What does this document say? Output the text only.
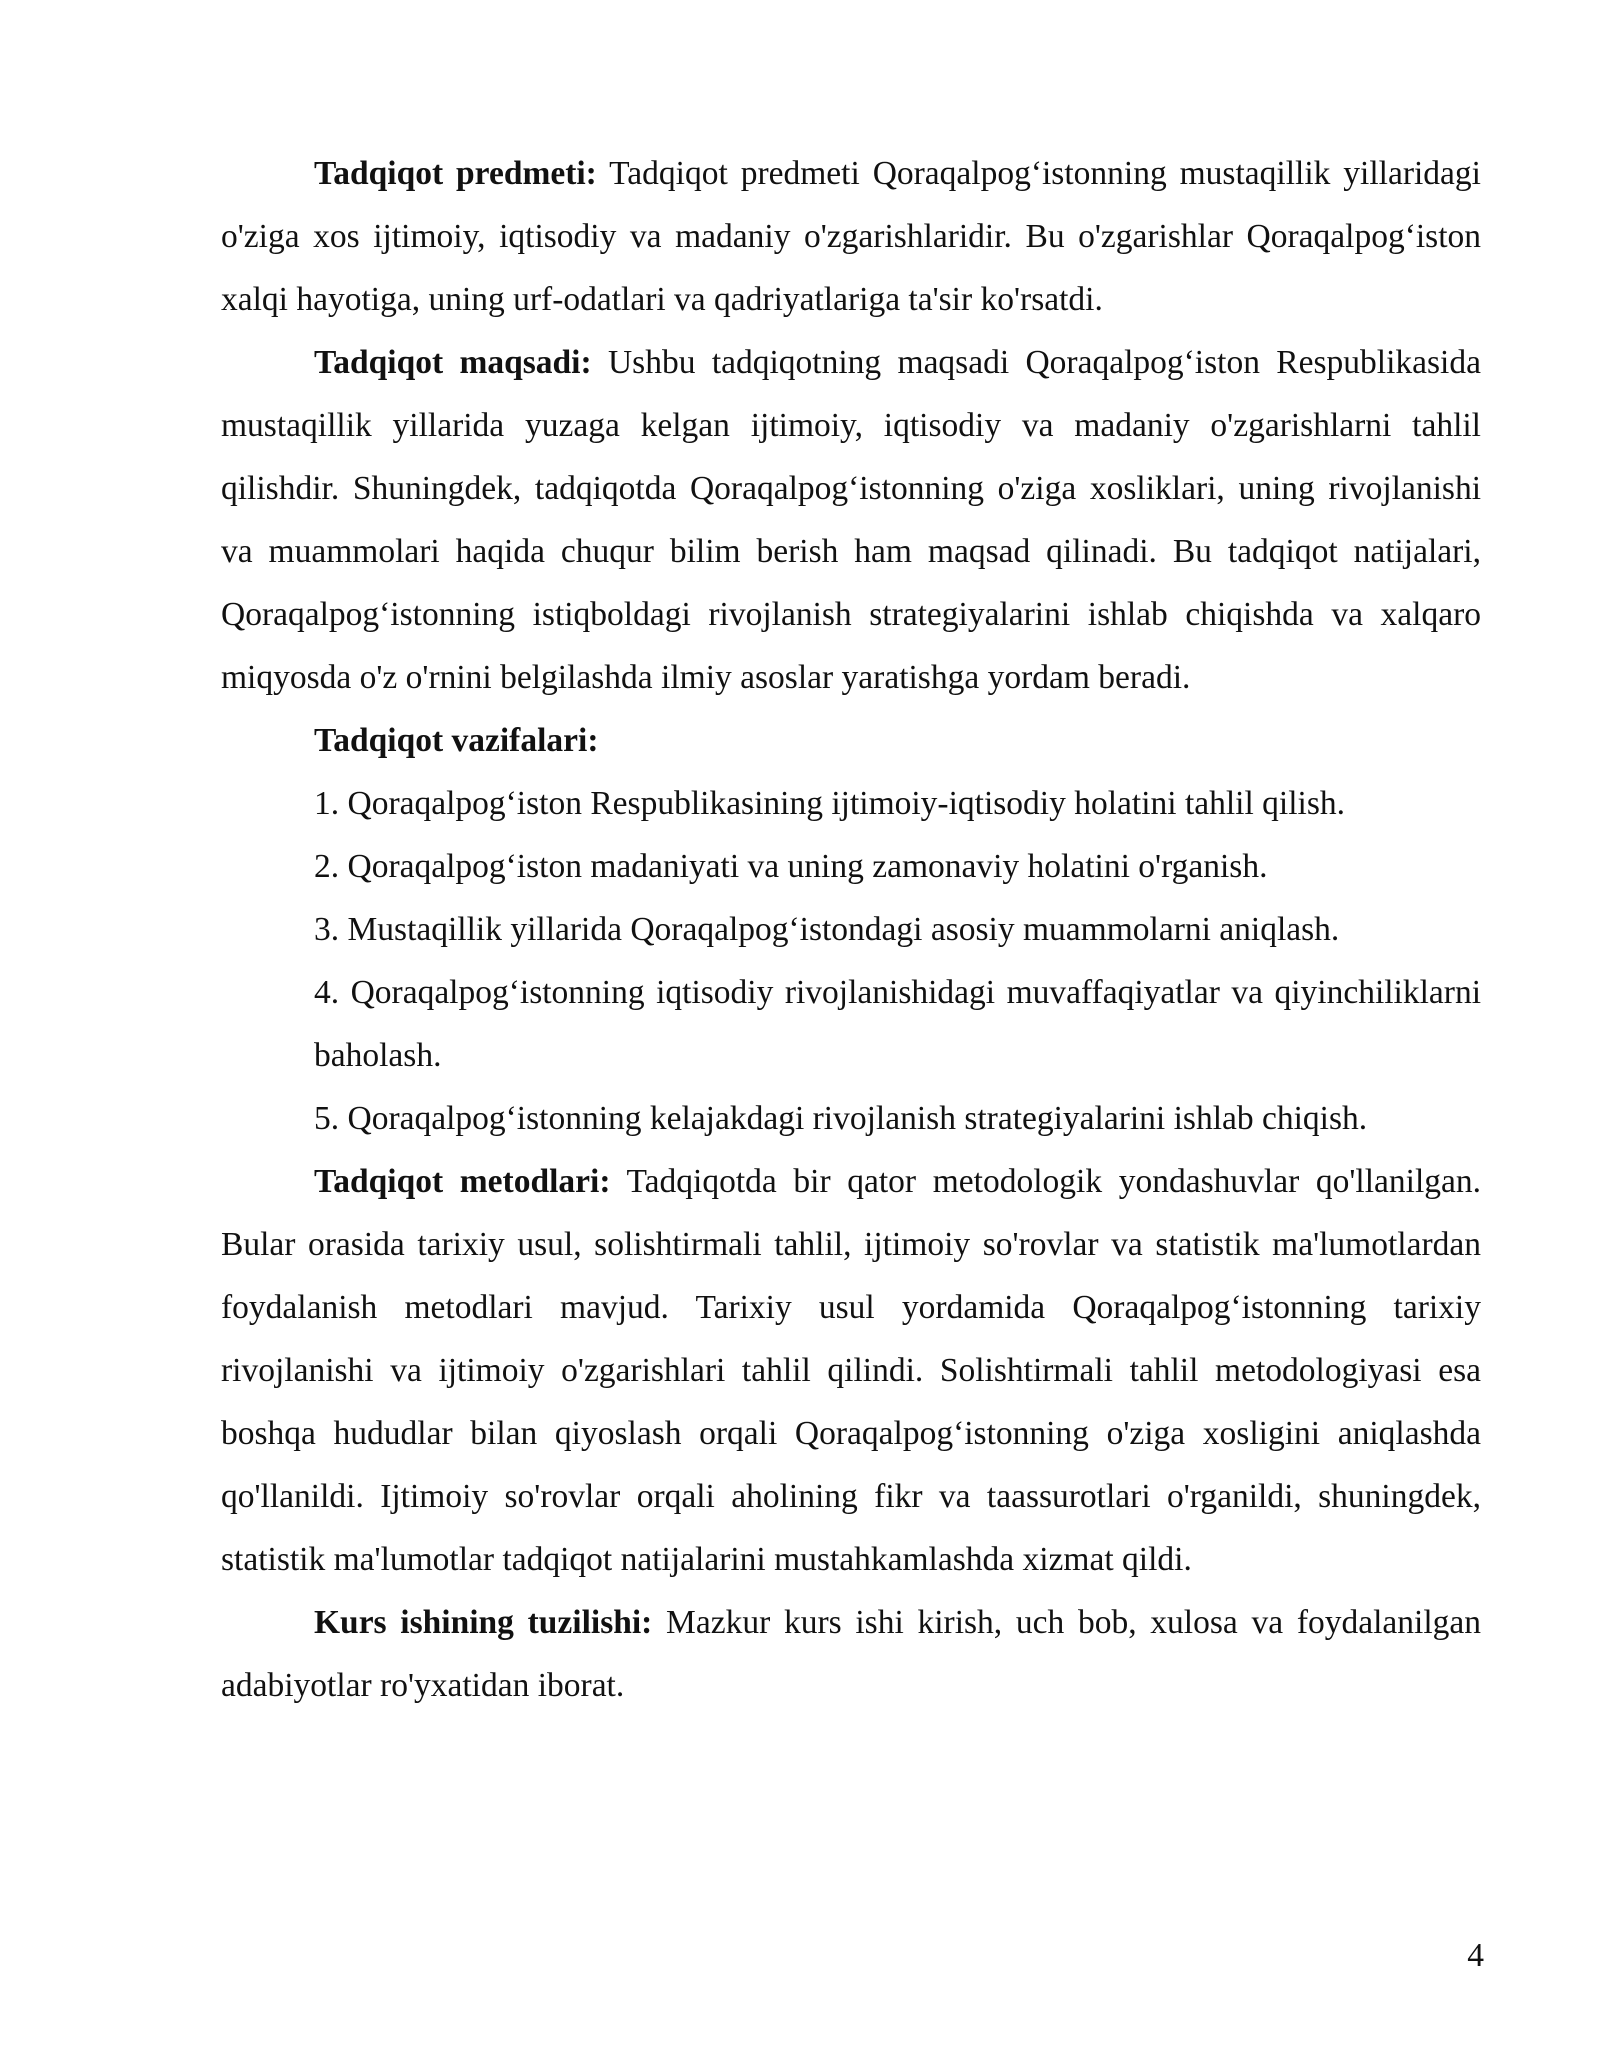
Tadqiqot predmeti: Tadqiqot predmeti Qoraqalpog‘istonning mustaqillik yillaridagi o'ziga xos ijtimoiy, iqtisodiy va madaniy o'zgarishlaridir. Bu o'zgarishlar Qoraqalpog‘iston xalqi hayotiga, uning urf-odatlari va qadriyatlariga ta'sir ko'rsatdi.

Tadqiqot maqsadi: Ushbu tadqiqotning maqsadi Qoraqalpog‘iston Respublikasida mustaqillik yillarida yuzaga kelgan ijtimoiy, iqtisodiy va madaniy o'zgarishlarni tahlil qilishdir. Shuningdek, tadqiqotda Qoraqalpog‘istonning o'ziga xosliklari, uning rivojlanishi va muammolari haqida chuqur bilim berish ham maqsad qilinadi. Bu tadqiqot natijalari, Qoraqalpog‘istonning istiqboldagi rivojlanish strategiyalarini ishlab chiqishda va xalqaro miqyosda o'z o'rnini belgilashda ilmiy asoslar yaratishga yordam beradi.

Tadqiqot vazifalari:

1. Qoraqalpog‘iston Respublikasining ijtimoiy-iqtisodiy holatini tahlil qilish.

2. Qoraqalpog‘iston madaniyati va uning zamonaviy holatini o'rganish.

3. Mustaqillik yillarida Qoraqalpog‘istondagi asosiy muammolarni aniqlash.

4. Qoraqalpog‘istonning iqtisodiy rivojlanishidagi muvaffaqiyatlar va qiyinchiliklarni baholash.

5. Qoraqalpog‘istonning kelajakdagi rivojlanish strategiyalarini ishlab chiqish.

Tadqiqot metodlari: Tadqiqotda bir qator metodologik yondashuvlar qo'llanilgan. Bular orasida tarixiy usul, solishtirmali tahlil, ijtimoiy so'rovlar va statistik ma'lumotlardan foydalanish metodlari mavjud. Tarixiy usul yordamida Qoraqalpog‘istonning tarixiy rivojlanishi va ijtimoiy o'zgarishlari tahlil qilindi. Solishtirmali tahlil metodologiyasi esa boshqa hududlar bilan qiyoslash orqali Qoraqalpog‘istonning o'ziga xosligini aniqlashda qo'llanildi. Ijtimoiy so'rovlar orqali aholining fikr va taassurotlari o'rganildi, shuningdek, statistik ma'lumotlar tadqiqot natijalarini mustahkamlashda xizmat qildi.

Kurs ishining tuzilishi: Mazkur kurs ishi kirish, uch bob, xulosa va foydalanilgan adabiyotlar ro'yxatidan iborat.

4
